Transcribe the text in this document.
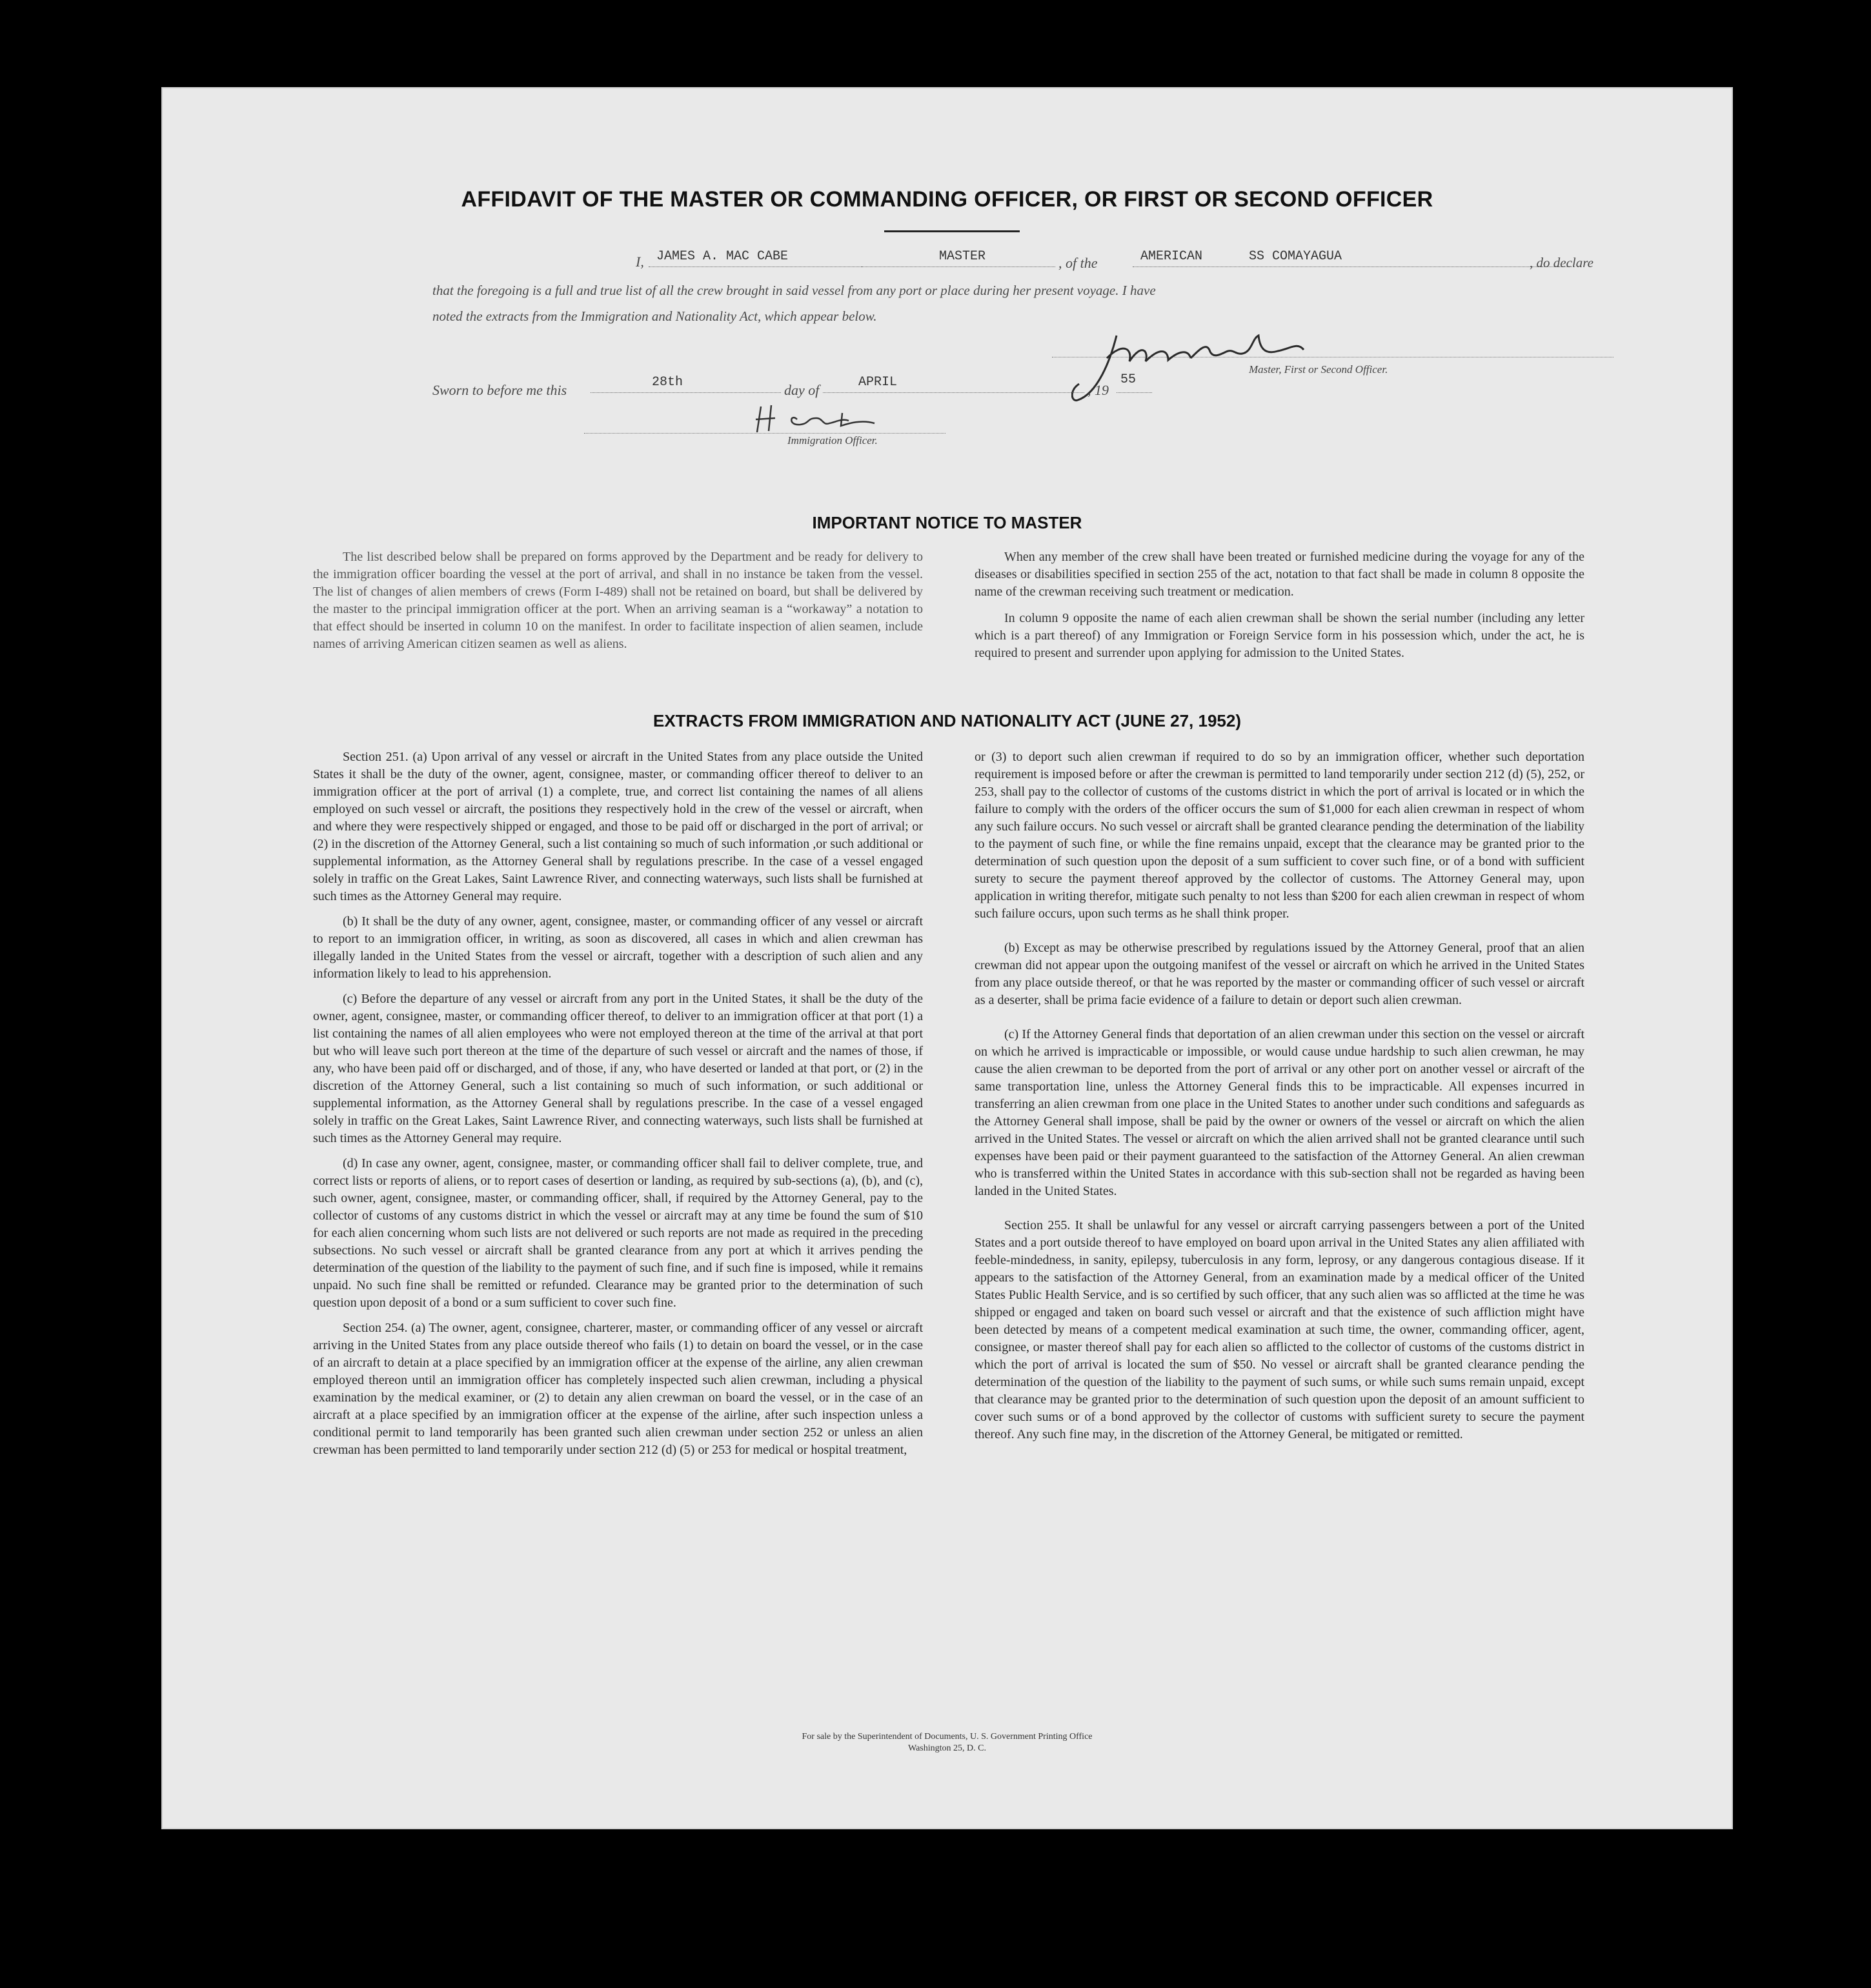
AFFIDAVIT OF THE MASTER OR COMMANDING OFFICER, OR FIRST OR SECOND OFFICER
I, JAMES A. MAC CABE	MASTER	, of the	AMERICAN	SS COMAYAGUA	, do declare
that the foregoing is a full and true list of all the crew brought in said vessel from any port or place during her present voyage. I have
noted the extracts from the Immigration and Nationality Act, which appear below.
Master, First or Second Officer.
Sworn to before me this	28th	day of	APRIL	, 19
55
Immigration Officer.
IMPORTANT NOTICE TO MASTER

The list described below shall be prepared on forms approved by the Department and be ready for delivery to the immigration officer boarding the vessel at the port of arrival, and shall in no instance be taken from the vessel. The list of changes of alien members of crews (Form I-489) shall not be retained on board, but shall be delivered by the master to the principal immigration officer at the port. When an arriving seaman is a “workaway” a notation to that effect should be inserted in column 10 on the manifest. In order to facilitate inspection of alien seamen, include names of arriving American citizen seamen as well as aliens.

When any member of the crew shall have been treated or furnished medicine during the voyage for any of the diseases or disabilities specified in section 255 of the act, notation to that fact shall be made in column 8 opposite the name of the crewman receiving such treatment or medication.

In column 9 opposite the name of each alien crewman shall be shown the serial number (including any letter which is a part thereof) of any Immigration or Foreign Service form in his possession which, under the act, he is required to present and surrender upon applying for admission to the United States.

EXTRACTS FROM IMMIGRATION AND NATIONALITY ACT (JUNE 27, 1952)

Section 251. (a) Upon arrival of any vessel or aircraft in the United States from any place outside the United States it shall be the duty of the owner, agent, consignee, master, or commanding officer thereof to deliver to an immigration officer at the port of arrival (1) a complete, true, and correct list containing the names of all aliens employed on such vessel or aircraft, the positions they respectively hold in the crew of the vessel or aircraft, when and where they were respectively shipped or engaged, and those to be paid off or discharged in the port of arrival; or (2) in the discretion of the Attorney General, such a list containing so much of such information ,or such additional or supplemental information, as the Attorney General shall by regulations prescribe. In the case of a vessel engaged solely in traffic on the Great Lakes, Saint Lawrence River, and connecting waterways, such lists shall be furnished at such times as the Attorney General may require.

(b) It shall be the duty of any owner, agent, consignee, master, or commanding officer of any vessel or aircraft to report to an immigration officer, in writing, as soon as discovered, all cases in which and alien crewman has illegally landed in the United States from the vessel or aircraft, together with a description of such alien and any information likely to lead to his apprehension.

(c) Before the departure of any vessel or aircraft from any port in the United States, it shall be the duty of the owner, agent, consignee, master, or commanding officer thereof, to deliver to an immigration officer at that port (1) a list containing the names of all alien employees who were not employed thereon at the time of the arrival at that port but who will leave such port thereon at the time of the departure of such vessel or aircraft and the names of those, if any, who have been paid off or discharged, and of those, if any, who have deserted or landed at that port, or (2) in the discretion of the Attorney General, such a list containing so much of such information, or such additional or supplemental information, as the Attorney General shall by regulations prescribe. In the case of a vessel engaged solely in traffic on the Great Lakes, Saint Lawrence River, and connecting waterways, such lists shall be furnished at such times as the Attorney General may require.

(d) In case any owner, agent, consignee, master, or commanding officer shall fail to deliver complete, true, and correct lists or reports of aliens, or to report cases of desertion or landing, as required by sub-sections (a), (b), and (c), such owner, agent, consignee, master, or commanding officer, shall, if required by the Attorney General, pay to the collector of customs of any customs district in which the vessel or aircraft may at any time be found the sum of $10 for each alien concerning whom such lists are not delivered or such reports are not made as required in the preceding subsections. No such vessel or aircraft shall be granted clearance from any port at which it arrives pending the determination of the question of the liability to the payment of such fine, and if such fine is imposed, while it remains unpaid. No such fine shall be remitted or refunded. Clearance may be granted prior to the determination of such question upon deposit of a bond or a sum sufficient to cover such fine.

Section 254. (a) The owner, agent, consignee, charterer, master, or commanding officer of any vessel or aircraft arriving in the United States from any place outside thereof who fails (1) to detain on board the vessel, or in the case of an aircraft to detain at a place specified by an immigration officer at the expense of the airline, any alien crewman employed thereon until an immigration officer has completely inspected such alien crewman, including a physical examination by the medical examiner, or (2) to detain any alien crewman on board the vessel, or in the case of an aircraft at a place specified by an immigration officer at the expense of the airline, after such inspection unless a conditional permit to land temporarily has been granted such alien crewman under section 252 or unless an alien crewman has been permitted to land temporarily under section 212 (d) (5) or 253 for medical or hospital treatment,

or (3) to deport such alien crewman if required to do so by an immigration officer, whether such deportation requirement is imposed before or after the crewman is permitted to land temporarily under section 212 (d) (5), 252, or 253, shall pay to the collector of customs of the customs district in which the port of arrival is located or in which the failure to comply with the orders of the officer occurs the sum of $1,000 for each alien crewman in respect of whom any such failure occurs. No such vessel or aircraft shall be granted clearance pending the determination of the liability to the payment of such fine, or while the fine remains unpaid, except that the clearance may be granted prior to the determination of such question upon the deposit of a sum sufficient to cover such fine, or of a bond with sufficient surety to secure the payment thereof approved by the collector of customs. The Attorney General may, upon application in writing therefor, mitigate such penalty to not less than $200 for each alien crewman in respect of whom such failure occurs, upon such terms as he shall think proper.

(b) Except as may be otherwise prescribed by regulations issued by the Attorney General, proof that an alien crewman did not appear upon the outgoing manifest of the vessel or aircraft on which he arrived in the United States from any place outside thereof, or that he was reported by the master or commanding officer of such vessel or aircraft as a deserter, shall be prima facie evidence of a failure to detain or deport such alien crewman.

(c) If the Attorney General finds that deportation of an alien crewman under this section on the vessel or aircraft on which he arrived is impracticable or impossible, or would cause undue hardship to such alien crewman, he may cause the alien crewman to be deported from the port of arrival or any other port on another vessel or aircraft of the same transportation line, unless the Attorney General finds this to be impracticable. All expenses incurred in transferring an alien crewman from one place in the United States to another under such conditions and safeguards as the Attorney General shall impose, shall be paid by the owner or owners of the vessel or aircraft on which the alien arrived in the United States. The vessel or aircraft on which the alien arrived shall not be granted clearance until such expenses have been paid or their payment guaranteed to the satisfaction of the Attorney General. An alien crewman who is transferred within the United States in accordance with this sub-section shall not be regarded as having been landed in the United States.

Section 255. It shall be unlawful for any vessel or aircraft carrying passengers between a port of the United States and a port outside thereof to have employed on board upon arrival in the United States any alien affiliated with feeble-mindedness, in sanity, epilepsy, tuberculosis in any form, leprosy, or any dangerous contagious disease. If it appears to the satisfaction of the Attorney General, from an examination made by a medical officer of the United States Public Health Service, and is so certified by such officer, that any such alien was so afflicted at the time he was shipped or engaged and taken on board such vessel or aircraft and that the existence of such affliction might have been detected by means of a competent medical examination at such time, the owner, commanding officer, agent, consignee, or master thereof shall pay for each alien so afflicted to the collector of customs of the customs district in which the port of arrival is located the sum of $50. No vessel or aircraft shall be granted clearance pending the determination of the question of the liability to the payment of such sums, or while such sums remain unpaid, except that clearance may be granted prior to the determination of such question upon the deposit of an amount sufficient to cover such sums or of a bond approved by the collector of customs with sufficient surety to secure the payment thereof. Any such fine may, in the discretion of the Attorney General, be mitigated or remitted.

For sale by the Superintendent of Documents, U. S. Government Printing Office
Washington 25, D. C.
